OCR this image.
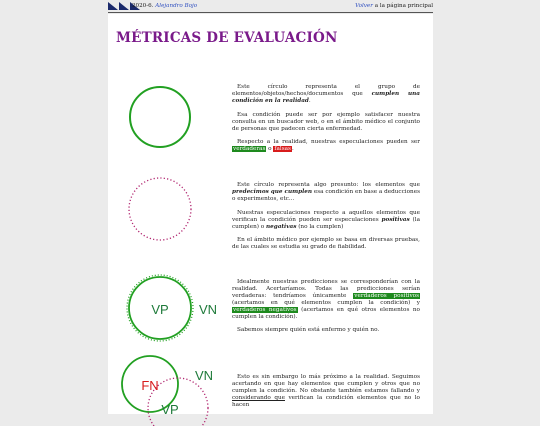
2020-6. Alejandro Bojo	Volver a la página principal
MÉTRICAS DE EVALUACIÓN

Este círculo representa el grupo de elementos/objetos/hechos/documentos que cumplen una condición en la realidad.

Esa condición puede ser por ejemplo satisfacer nuestra consulta en un buscador web, o en el ámbito médico el conjunto de personas que padecen cierta enfermedad.

Respecto a la realidad, nuestras especulaciones pueden ser verdaderas o falsas.

Este círculo representa algo presunto: los elementos que predecimos que cumplen esa condición en base a deducciones o experimentos, etc...

Nuestras especulaciones respecto a aquellos elementos que verifican la condición pueden ser especulaciones positivas (la cumplen) o negativas (no la cumplen)

En el ámbito médico por ejemplo se basa en diversas pruebas, de las cuales se estudia su grado de fiabilidad.

VP VN

Idealmente nuestras predicciones se corresponderían con la realidad. Acertaríamos. Todas las predicciones serían verdaderas: tendríamos únicamente verdaderos positivos (acertamos en qué elementos cumplen la condición) y verdaderos negativos (acertamos en qué otros elementos no cumplen la condición).

Sabemos siempre quién está enfermo y quién no.

FN
VP
VN	Esto es sin embargo lo más próximo a la realidad. Seguimos acertando en que hay elementos que cumplen y otros que no cumplen la condición. No obstante también estamos fallando y considerando que verifican la condición elementos que no lo hacen
